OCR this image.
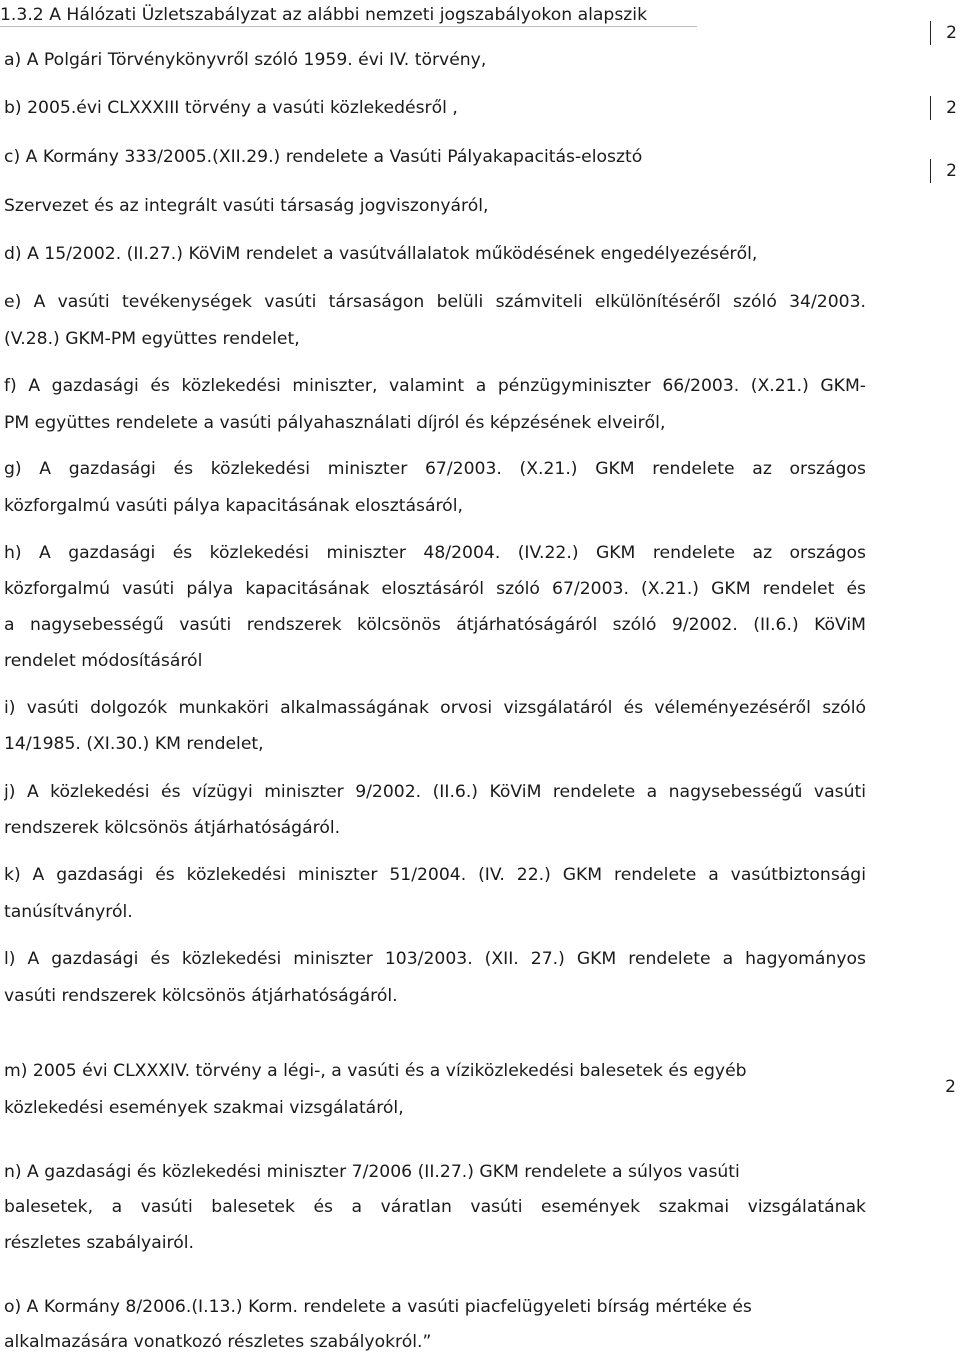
1.3.2 A Hálózati Üzletszabályzat az alábbi nemzeti jogszabályokon alapszik
a) A Polgári Törvénykönyvről szóló 1959. évi IV. törvény,
b) 2005.évi CLXXXIII törvény a vasúti közlekedésről ,
c) A Kormány 333/2005.(XII.29.) rendelete a Vasúti Pályakapacitás-elosztó
Szervezet és az integrált vasúti társaság jogviszonyáról,
d) A 15/2002. (II.27.) KöViM rendelet a vasútvállalatok működésének engedélyezéséről,
e) A vasúti tevékenységek vasúti társaságon belüli számviteli elkülönítéséről szóló 34/2003.
(V.28.) GKM-PM együttes rendelet,
f) A gazdasági és közlekedési miniszter, valamint a pénzügyminiszter 66/2003. (X.21.) GKM-
PM együttes rendelete a vasúti pályahasználati díjról és képzésének elveiről,
g) A gazdasági és közlekedési miniszter 67/2003. (X.21.) GKM rendelete az országos
közforgalmú vasúti pálya kapacitásának elosztásáról,
h) A gazdasági és közlekedési miniszter 48/2004. (IV.22.) GKM rendelete az országos
közforgalmú vasúti pálya kapacitásának elosztásáról szóló 67/2003. (X.21.) GKM rendelet és
a nagysebességű vasúti rendszerek kölcsönös átjárhatóságáról szóló 9/2002. (II.6.) KöViM
rendelet módosításáról
i) vasúti dolgozók munkaköri alkalmasságának orvosi vizsgálatáról és véleményezéséről szóló
14/1985. (XI.30.) KM rendelet,
j) A közlekedési és vízügyi miniszter 9/2002. (II.6.) KöViM rendelete a nagysebességű vasúti
rendszerek kölcsönös átjárhatóságáról.
k) A gazdasági és közlekedési miniszter 51/2004. (IV. 22.) GKM rendelete a vasútbiztonsági
tanúsítványról.
l) A gazdasági és közlekedési miniszter 103/2003. (XII. 27.) GKM rendelete a hagyományos
vasúti rendszerek kölcsönös átjárhatóságáról.
m) 2005 évi CLXXXIV. törvény a légi-, a vasúti és a víziközlekedési balesetek és egyéb
közlekedési események szakmai vizsgálatáról,
n) A gazdasági és közlekedési miniszter 7/2006 (II.27.) GKM rendelete a súlyos vasúti
balesetek, a vasúti balesetek és a váratlan vasúti események szakmai vizsgálatának
részletes szabályairól.
o) A Kormány 8/2006.(I.13.) Korm. rendelete a vasúti piacfelügyeleti bírság mértéke és
alkalmazására vonatkozó részletes szabályokról.”
2
2
2
2
